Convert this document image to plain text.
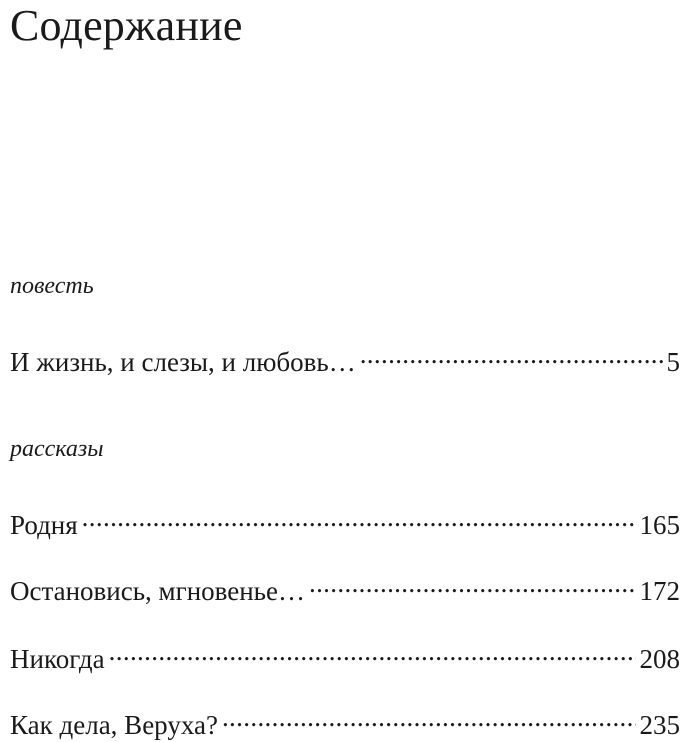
Содержание
повесть
И жизнь, и слезы, и любовь… . . .	5
рассказы
Родня . . .	165
Остановись, мгновенье… . . .	172
Никогда . . .	208
Как дела, Веруха? . . .	235
